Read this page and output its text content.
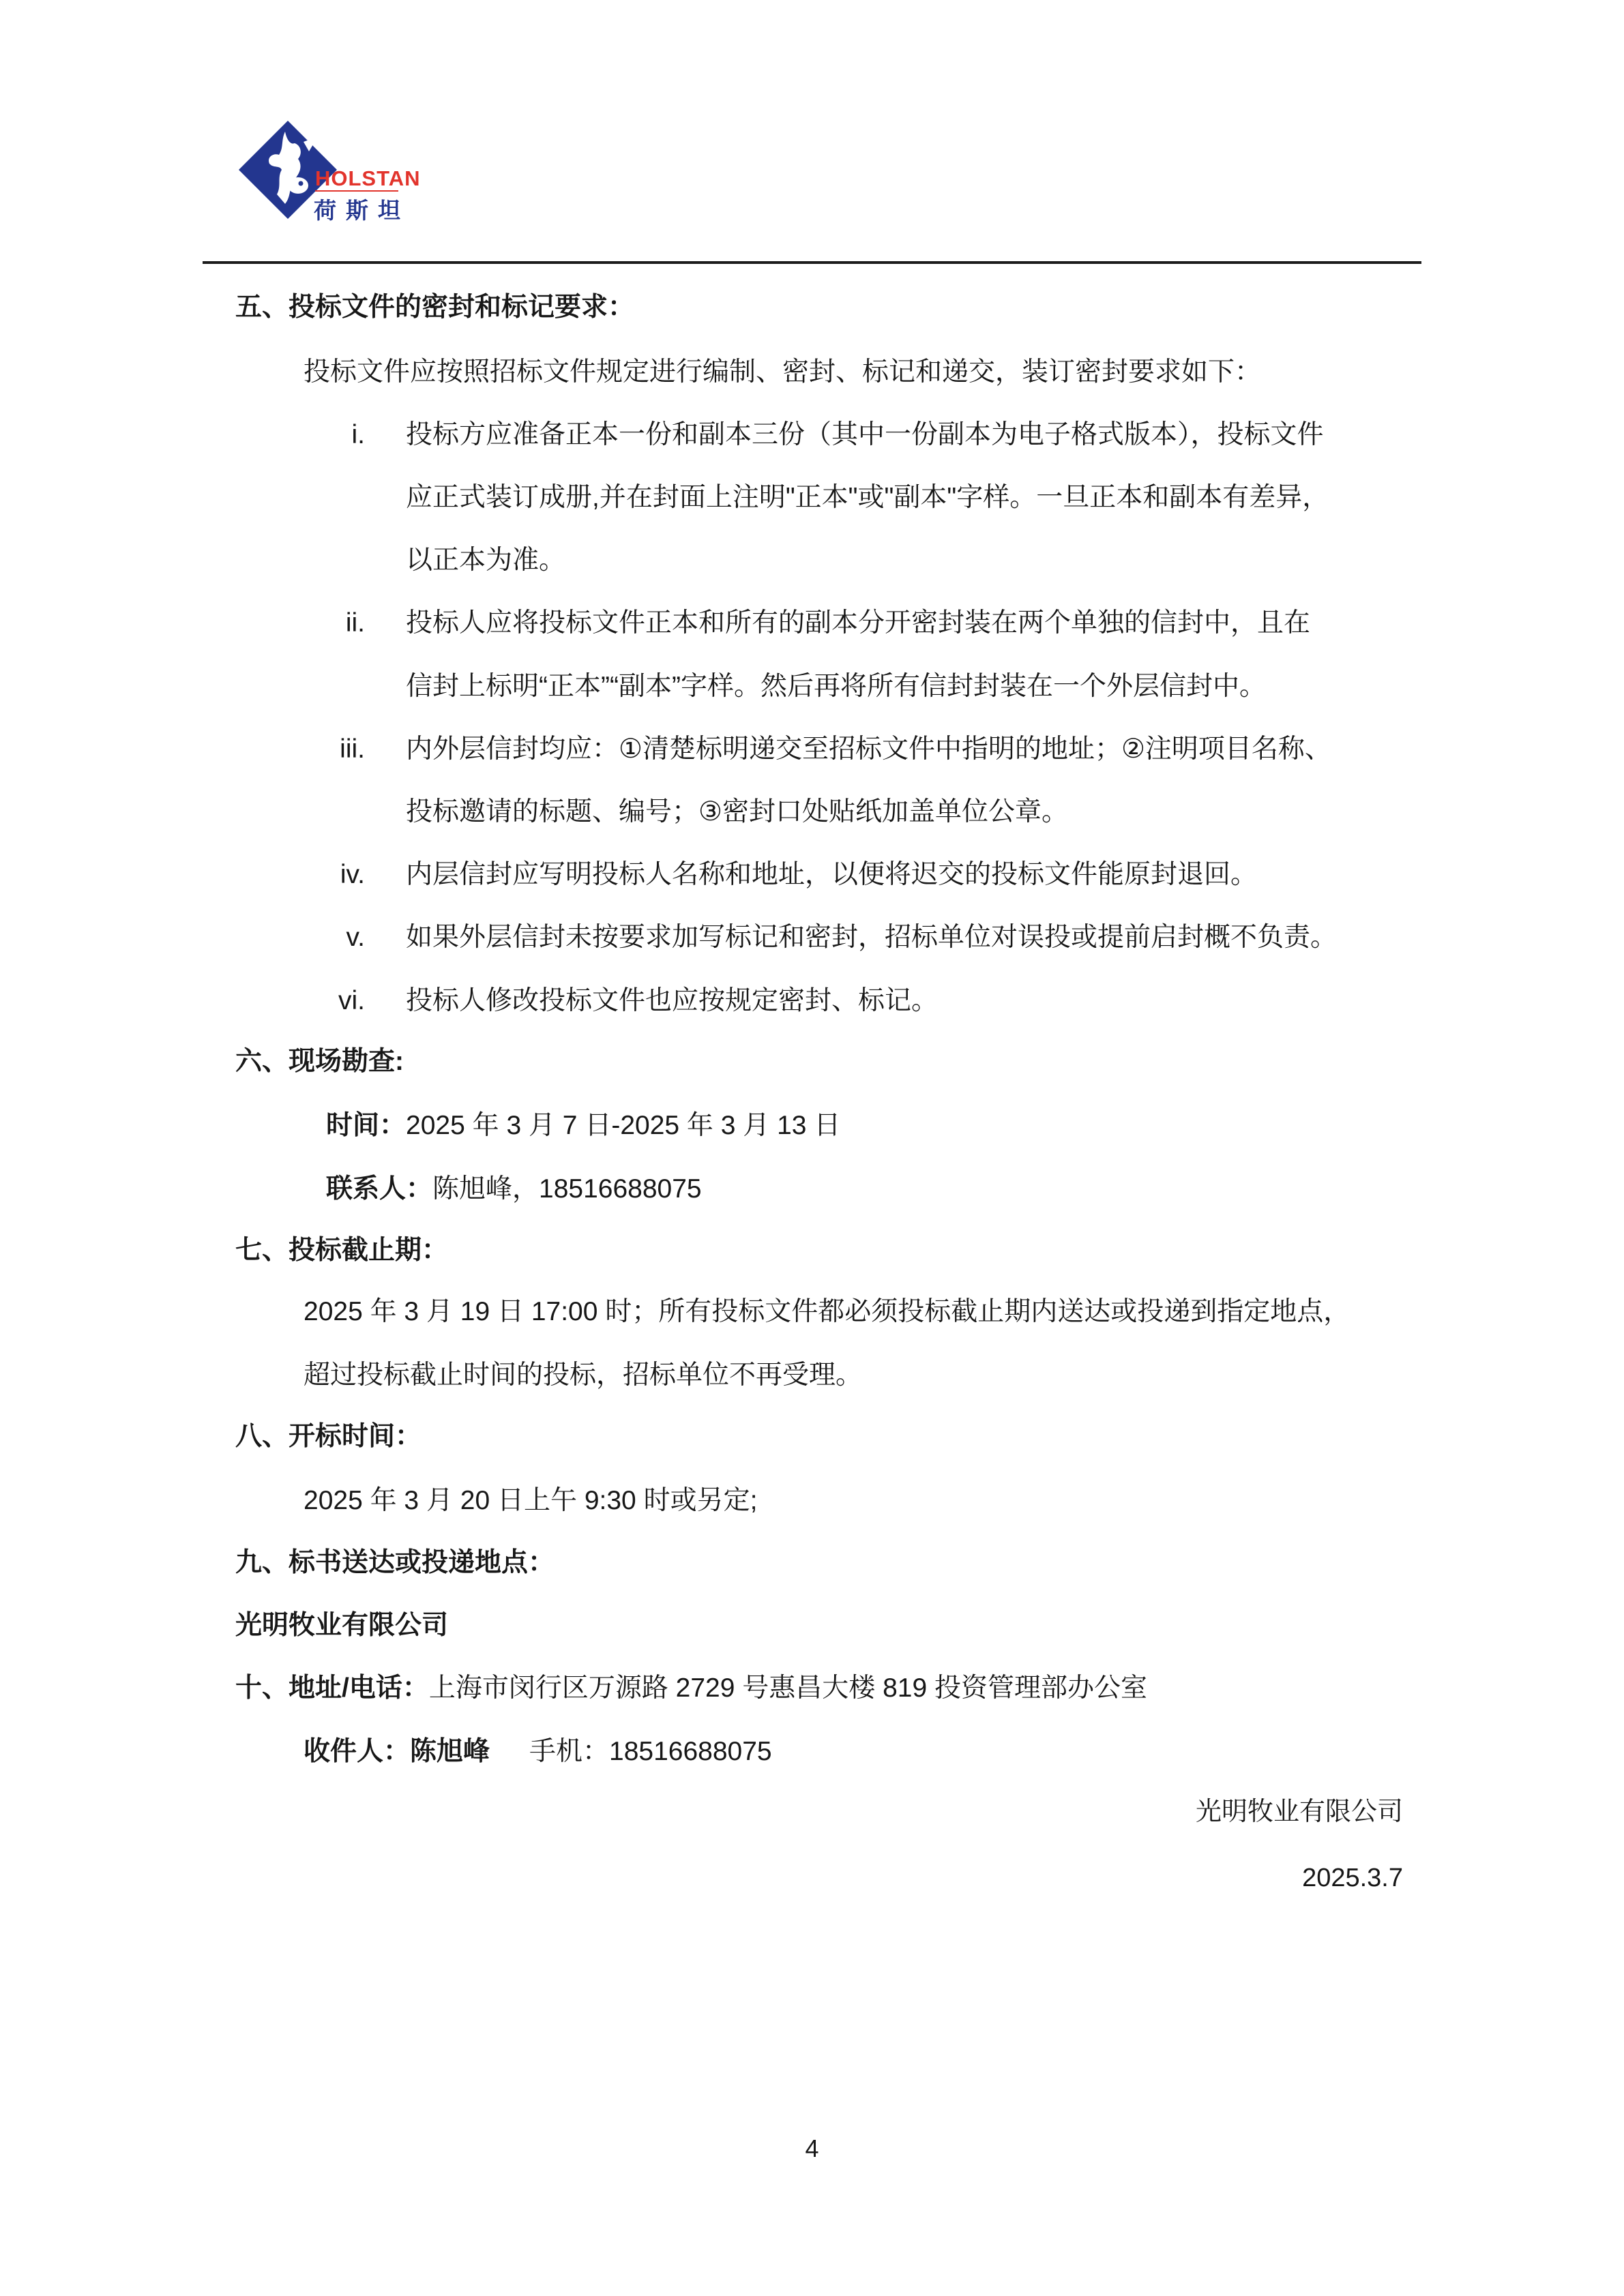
HOLSTAN
荷斯坦
五、投标文件的密封和标记要求：
投标文件应按照招标文件规定进行编制、密封、标记和递交，装订密封要求如下：
i. 投标方应准备正本一份和副本三份（其中一份副本为电子格式版本），投标文件
应正式装订成册,并在封面上注明"正本"或"副本"字样。一旦正本和副本有差异，
以正本为准。
ii. 投标人应将投标文件正本和所有的副本分开密封装在两个单独的信封中，且在
信封上标明“正本”“副本”字样。然后再将所有信封封装在一个外层信封中。
iii. 内外层信封均应：①清楚标明递交至招标文件中指明的地址；②注明项目名称、
投标邀请的标题、编号；③密封口处贴纸加盖单位公章。
iv. 内层信封应写明投标人名称和地址，以便将迟交的投标文件能原封退回。
v. 如果外层信封未按要求加写标记和密封，招标单位对误投或提前启封概不负责。
vi. 投标人修改投标文件也应按规定密封、标记。
六、现场勘查:
时间：2025 年 3 月 7 日-2025 年 3 月 13 日
联系人：陈旭峰，18516688075
七、投标截止期：
2025 年 3 月 19 日 17:00 时；所有投标文件都必须投标截止期内送达或投递到指定地点，
超过投标截止时间的投标，招标单位不再受理。
八、开标时间：
2025 年 3 月 20 日上午 9:30 时或另定;
九、标书送达或投递地点：
光明牧业有限公司
十、地址/电话：上海市闵行区万源路 2729 号惠昌大楼 819 投资管理部办公室
收件人：陈旭峰 手机：18516688075
光明牧业有限公司
2025.3.7
4
